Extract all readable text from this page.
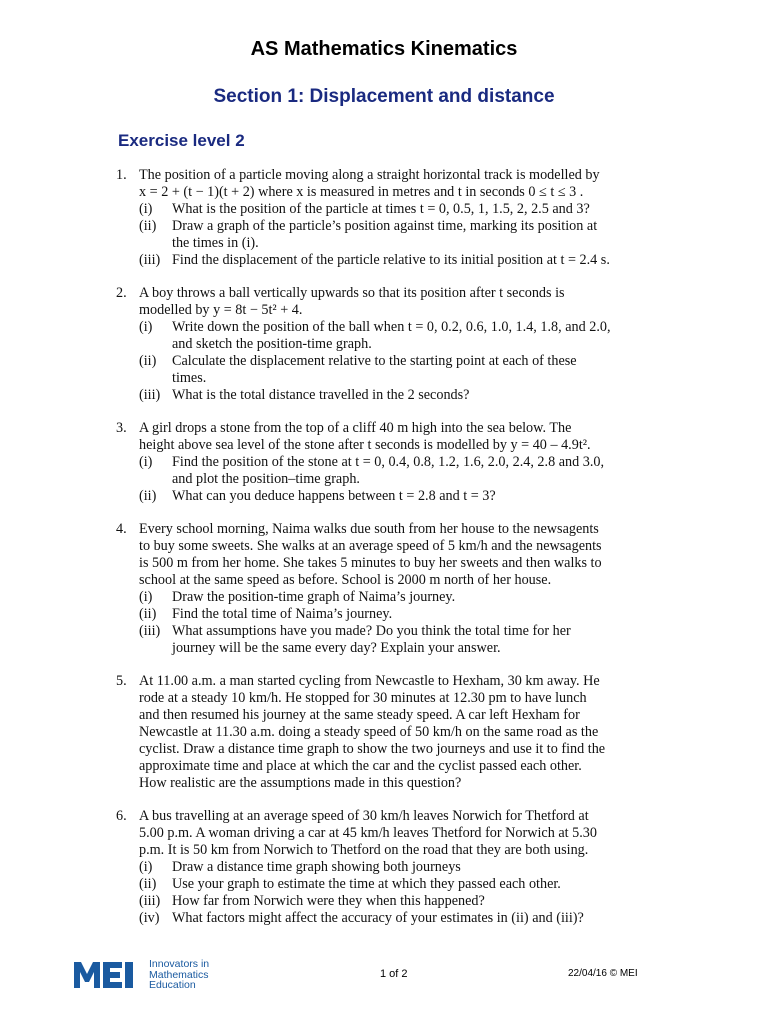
AS Mathematics Kinematics
Section 1: Displacement and distance
Exercise level 2
1. The position of a particle moving along a straight horizontal track is modelled by
x = 2 + (t − 1)(t + 2) where x is measured in metres and t in seconds 0 ≤ t ≤ 3 .
(i)	What is the position of the particle at times t = 0, 0.5, 1, 1.5, 2, 2.5 and 3?
(ii)	Draw a graph of the particle’s position against time, marking its position at
the times in (i).
(iii) Find the displacement of the particle relative to its initial position at t = 2.4 s.
2. A boy throws a ball vertically upwards so that its position after t seconds is
modelled by y = 8t − 5t² + 4.
(i)	Write down the position of the ball when t = 0, 0.2, 0.6, 1.0, 1.4, 1.8, and 2.0,
and sketch the position-time graph.
(ii)	Calculate the displacement relative to the starting point at each of these
times.
(iii) What is the total distance travelled in the 2 seconds?
3. A girl drops a stone from the top of a cliff 40 m high into the sea below. The
height above sea level of the stone after t seconds is modelled by y = 40 – 4.9t².
(i)	Find the position of the stone at t = 0, 0.4, 0.8, 1.2, 1.6, 2.0, 2.4, 2.8 and 3.0,
and plot the position–time graph.
(ii)	What can you deduce happens between t = 2.8 and t = 3?
4. Every school morning, Naima walks due south from her house to the newsagents
to buy some sweets. She walks at an average speed of 5 km/h and the newsagents
is 500 m from her home. She takes 5 minutes to buy her sweets and then walks to
school at the same speed as before. School is 2000 m north of her house.
(i)	Draw the position-time graph of Naima’s journey.
(ii)	Find the total time of Naima’s journey.
(iii) What assumptions have you made? Do you think the total time for her
journey will be the same every day? Explain your answer.
5. At 11.00 a.m. a man started cycling from Newcastle to Hexham, 30 km away. He
rode at a steady 10 km/h. He stopped for 30 minutes at 12.30 pm to have lunch
and then resumed his journey at the same steady speed. A car left Hexham for
Newcastle at 11.30 a.m. doing a steady speed of 50 km/h on the same road as the
cyclist. Draw a distance time graph to show the two journeys and use it to find the
approximate time and place at which the car and the cyclist passed each other.
How realistic are the assumptions made in this question?
6. A bus travelling at an average speed of 30 km/h leaves Norwich for Thetford at
5.00 p.m. A woman driving a car at 45 km/h leaves Thetford for Norwich at 5.30
p.m. It is 50 km from Norwich to Thetford on the road that they are both using.
(i)	Draw a distance time graph showing both journeys
(ii)	Use your graph to estimate the time at which they passed each other.
(iii) How far from Norwich were they when this happened?
(iv) What factors might affect the accuracy of your estimates in (ii) and (iii)?
Innovators in
Mathematics
Education
1 of 2	22/04/16 © MEI
